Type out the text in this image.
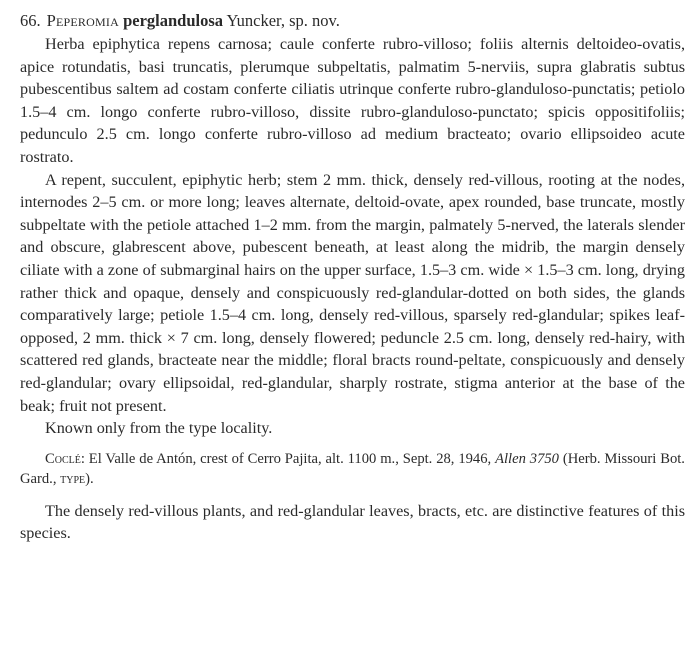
66. Peperomia perglandulosa Yuncker, sp. nov.

Herba epiphytica repens carnosa; caule conferte rubro-villoso; foliis alternis deltoideo-ovatis, apice rotundatis, basi truncatis, plerumque subpeltatis, palmatim 5-nerviis, supra glabratis subtus pubescentibus saltem ad costam conferte ciliatis utrinque conferte rubro-glanduloso-punctatis; petiolo 1.5–4 cm. longo conferte rubro-villoso, dissite rubro-glanduloso-punctato; spicis oppositifoliis; pedunculo 2.5 cm. longo conferte rubro-villoso ad medium bracteato; ovario ellipsoideo acute rostrato.

A repent, succulent, epiphytic herb; stem 2 mm. thick, densely red-villous, rooting at the nodes, internodes 2–5 cm. or more long; leaves alternate, deltoid-ovate, apex rounded, base truncate, mostly subpeltate with the petiole attached 1–2 mm. from the margin, palmately 5-nerved, the laterals slender and obscure, glabrescent above, pubescent beneath, at least along the midrib, the margin densely ciliate with a zone of submarginal hairs on the upper surface, 1.5–3 cm. wide × 1.5–3 cm. long, drying rather thick and opaque, densely and conspicuously red-glandular-dotted on both sides, the glands comparatively large; petiole 1.5–4 cm. long, densely red-villous, sparsely red-glandular; spikes leaf-opposed, 2 mm. thick × 7 cm. long, densely flowered; peduncle 2.5 cm. long, densely red-hairy, with scattered red glands, bracteate near the middle; floral bracts round-peltate, conspicuously and densely red-glandular; ovary ellipsoidal, red-glandular, sharply rostrate, stigma anterior at the base of the beak; fruit not present.

Known only from the type locality.

Coclé: El Valle de Antón, crest of Cerro Pajita, alt. 1100 m., Sept. 28, 1946, Allen 3750 (Herb. Missouri Bot. Gard., type).

The densely red-villous plants, and red-glandular leaves, bracts, etc. are distinctive features of this species.
